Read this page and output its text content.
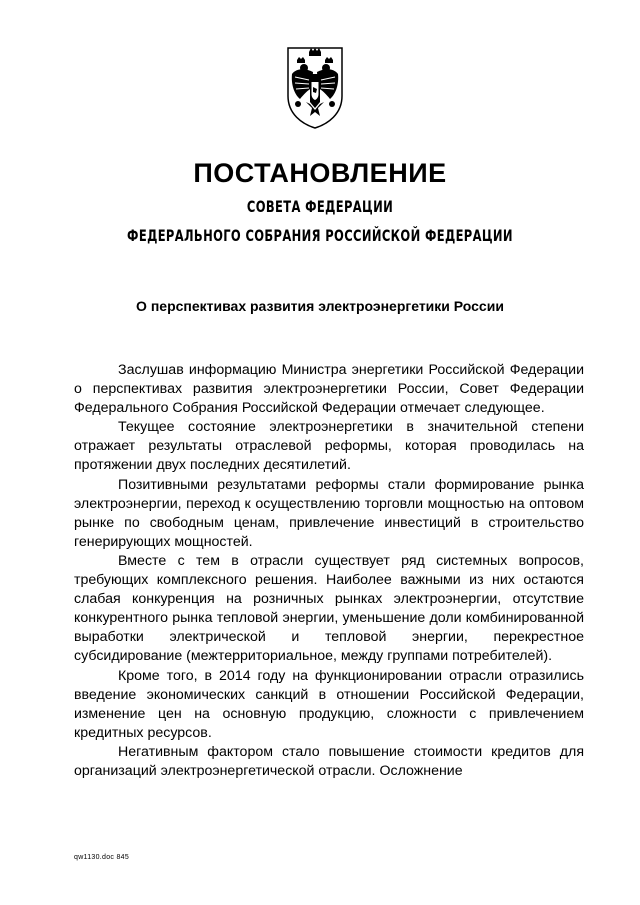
ПОСТАНОВЛЕНИЕ
СОВЕТА ФЕДЕРАЦИИ
ФЕДЕРАЛЬНОГО СОБРАНИЯ РОССИЙСКОЙ ФЕДЕРАЦИИ
О перспективах развития электроэнергетики России

Заслушав информацию Министра энергетики Российской Федерации о перспективах развития электроэнергетики России, Совет Федерации Федерального Собрания Российской Федерации отмечает следующее.

Текущее состояние электроэнергетики в значительной степени отражает результаты отраслевой реформы, которая проводилась на протяжении двух последних десятилетий.

Позитивными результатами реформы стали формирование рынка электроэнергии, переход к осуществлению торговли мощностью на оптовом рынке по свободным ценам, привлечение инвестиций в строительство генерирующих мощностей.

Вместе с тем в отрасли существует ряд системных вопросов, требующих комплексного решения. Наиболее важными из них остаются слабая конкуренция на розничных рынках электроэнергии, отсутствие конкурентного рынка тепловой энергии, уменьшение доли комбинированной выработки электрической и тепловой энергии, перекрестное субсидирование (межтерриториальное, между группами потребителей).

Кроме того, в 2014 году на функционировании отрасли отразились введение экономических санкций в отношении Российской Федерации, изменение цен на основную продукцию, сложности с привлечением кредитных ресурсов.

Негативным фактором стало повышение стоимости кредитов для организаций электроэнергетической отрасли. Осложнение

qw1130.doc 845
